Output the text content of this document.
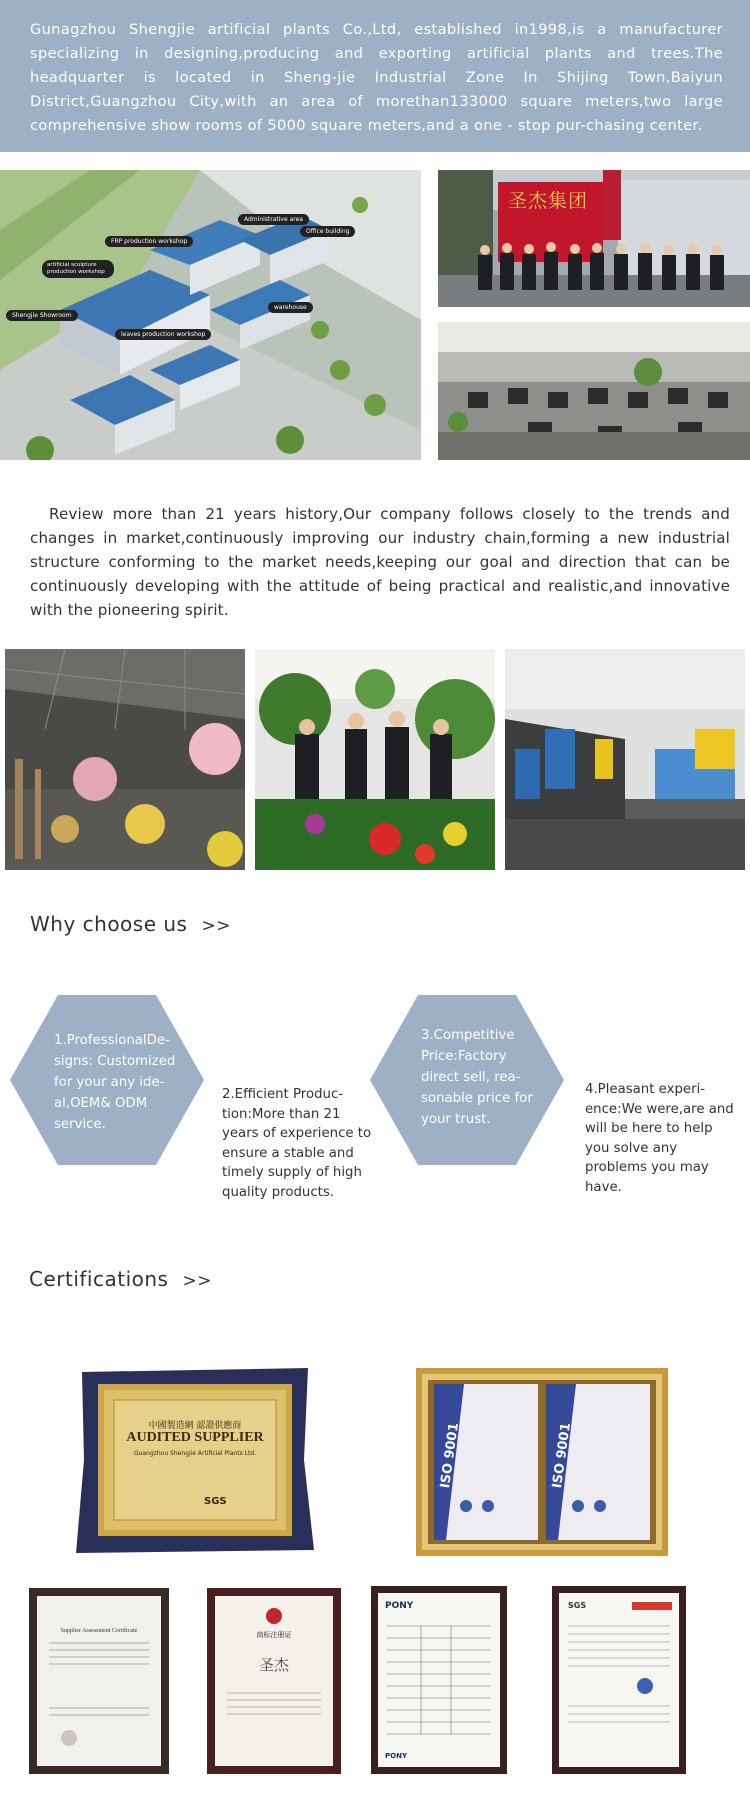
Gunagzhou Shengjie artificial plants Co.,Ltd, established in1998,is a manufacturer specializing in designing,producing and exporting artificial plants and trees.The headquarter is located in Sheng-jie Industrial Zone In Shijing Town,Baiyun District,Guangzhou City,with an area of morethan133000 square meters,two large comprehensive show rooms of 5000 square meters,and a one - stop pur-chasing center.

Administrative area
Office building
FRP production workshop
artificial sculpture production workshop
Shengjie Showroom
warehouse
leaves production workshop
圣杰集团
Review more than 21 years history,Our company follows closely to the trends and changes in market,continuously improving our industry chain,forming a new industrial structure conforming to the market needs,keeping our goal and direction that can be continuously developing with the attitude of being practical and realistic,and innovative with the pioneering spirit.
Why choose us >>
1.ProfessionalDe-signs: Customized for your any ide-al,OEM& ODM service.
2.Efficient Produc-tion:More than 21 years of experience to ensure a stable and timely supply of high quality products.
3.Competitive Price:Factory direct sell, rea-sonable price for your trust.
4.Pleasant experi-ence:We were,are and will be here to help you solve any problems you may have.
Certifications >>
中國製造網 認證供應商
AUDITED SUPPLIER
Guangzhou Shengjie Artificial Plants Ltd.
SGS
ISO 9001	ISO 9001
Supplier Assessment Certificate	商标注册证
圣杰
PONY
PONY
SGS
